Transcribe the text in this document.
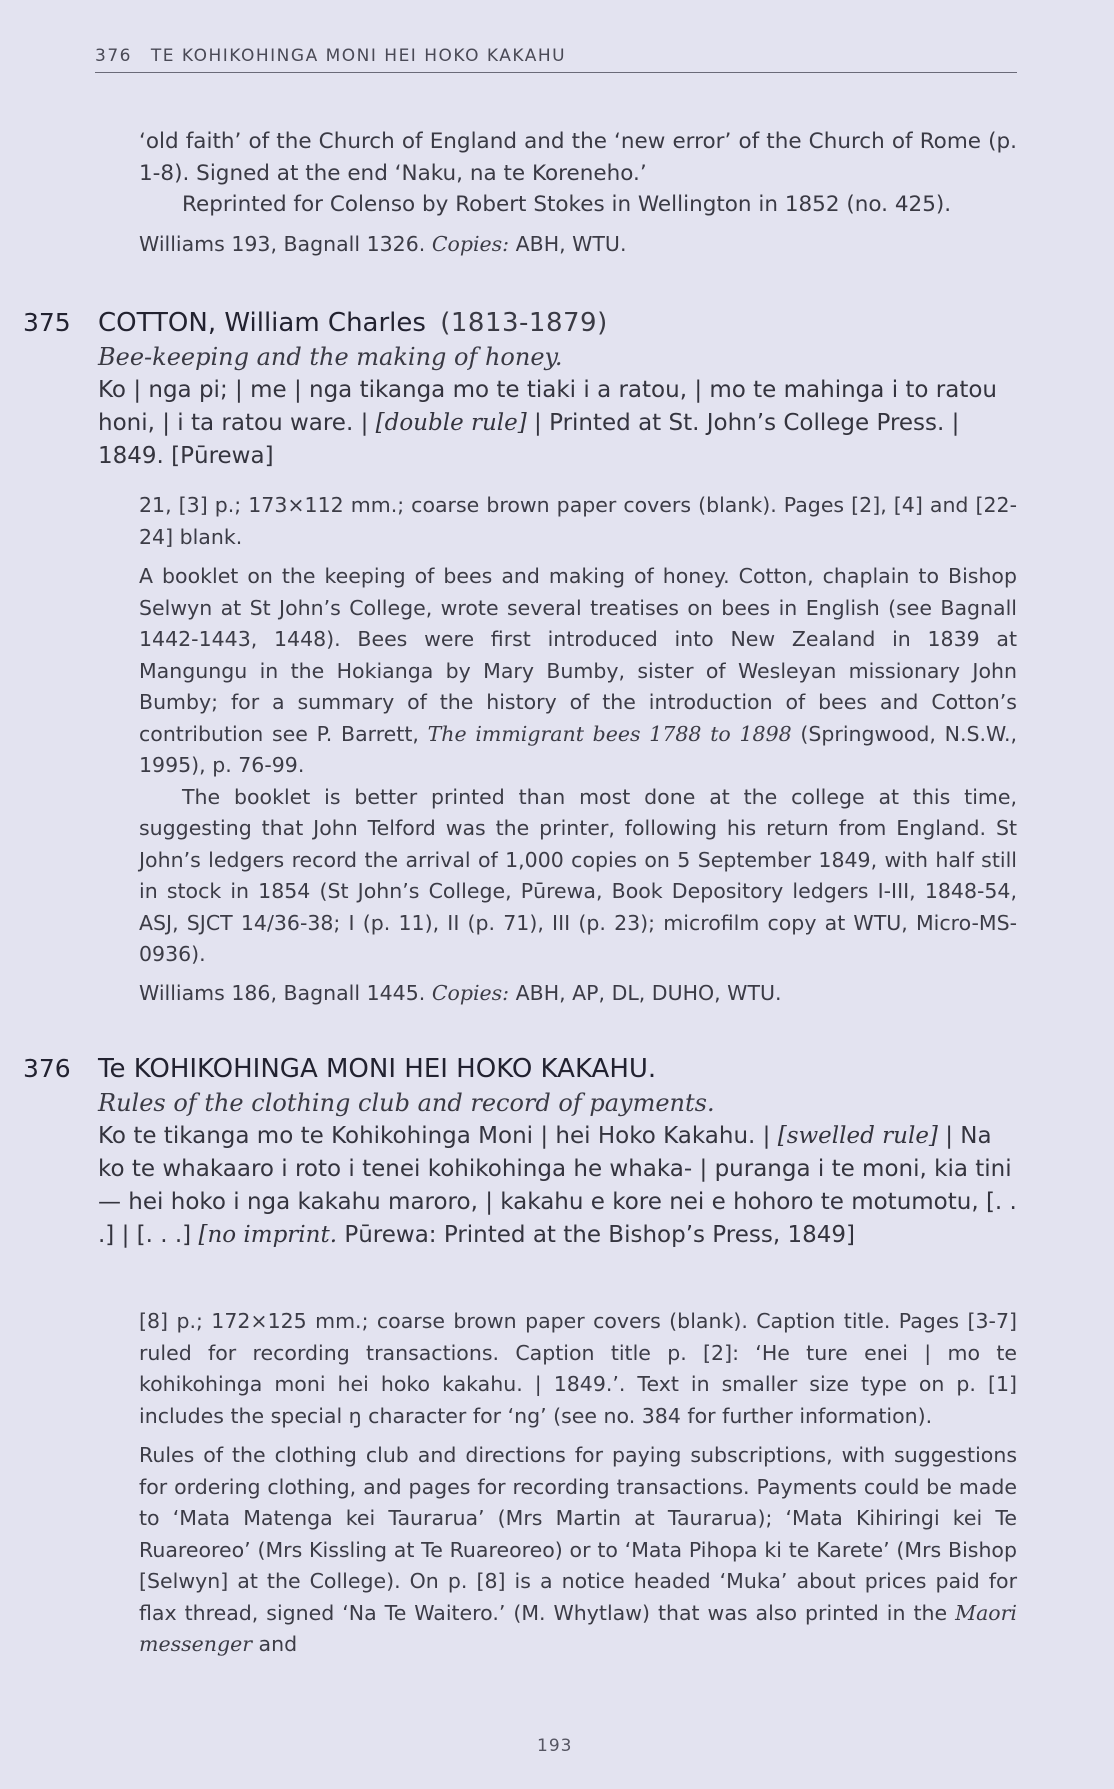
376 TE KOHIKOHINGA MONI HEI HOKO KAKAHU

‘old faith’ of the Church of England and the ‘new error’ of the Church of Rome (p. 1-8). Signed at the end ‘Naku, na te Koreneho.’

Reprinted for Colenso by Robert Stokes in Wellington in 1852 (no. 425).

Williams 193, Bagnall 1326. Copies: ABH, WTU.

375 COTTON, William Charles (1813-1879)
Bee-keeping and the making of honey.

Ko | nga pi; | me | nga tikanga mo te tiaki i a ratou, | mo te mahinga i to ratou honi, | i ta ratou ware. | [double rule] | Printed at St. John’s College Press. | 1849. [Pūrewa]

21, [3] p.; 173×112 mm.; coarse brown paper covers (blank). Pages [2], [4] and [22-24] blank.

A booklet on the keeping of bees and making of honey. Cotton, chaplain to Bishop Selwyn at St John’s College, wrote several treatises on bees in English (see Bagnall 1442-1443, 1448). Bees were first introduced into New Zealand in 1839 at Mangungu in the Hokianga by Mary Bumby, sister of Wesleyan missionary John Bumby; for a summary of the history of the introduction of bees and Cotton’s contribution see P. Barrett, The immigrant bees 1788 to 1898 (Springwood, N.S.W., 1995), p. 76-99.

The booklet is better printed than most done at the college at this time, suggesting that John Telford was the printer, following his return from England. St John’s ledgers record the arrival of 1,000 copies on 5 September 1849, with half still in stock in 1854 (St John’s College, Pūrewa, Book Depository ledgers I-III, 1848-54, ASJ, SJCT 14/36-38; I (p. 11), II (p. 71), III (p. 23); microfilm copy at WTU, Micro-MS-0936).

Williams 186, Bagnall 1445. Copies: ABH, AP, DL, DUHO, WTU.

376 Te KOHIKOHINGA MONI HEI HOKO KAKAHU.
Rules of the clothing club and record of payments.

Ko te tikanga mo te Kohikohinga Moni | hei Hoko Kakahu. | [swelled rule] | Na ko te whakaaro i roto i tenei kohikohinga he whaka- | puranga i te moni, kia tini — hei hoko i nga kakahu maroro, | kakahu e kore nei e hohoro te motumotu, [. . .] | [. . .] [no imprint. Pūrewa: Printed at the Bishop’s Press, 1849]

[8] p.; 172×125 mm.; coarse brown paper covers (blank). Caption title. Pages [3-7] ruled for recording transactions. Caption title p. [2]: ‘He ture enei | mo te kohikohinga moni hei hoko kakahu. | 1849.’. Text in smaller size type on p. [1] includes the special ŋ character for ‘ng’ (see no. 384 for further information).

Rules of the clothing club and directions for paying subscriptions, with suggestions for ordering clothing, and pages for recording transactions. Payments could be made to ‘Mata Matenga kei Taurarua’ (Mrs Martin at Taurarua); ‘Mata Kihiringi kei Te Ruareoreo’ (Mrs Kissling at Te Ruareoreo) or to ‘Mata Pihopa ki te Karete’ (Mrs Bishop [Selwyn] at the College). On p. [8] is a notice headed ‘Muka’ about prices paid for flax thread, signed ‘Na Te Waitero.’ (M. Whytlaw) that was also printed in the Maori messenger and

193
